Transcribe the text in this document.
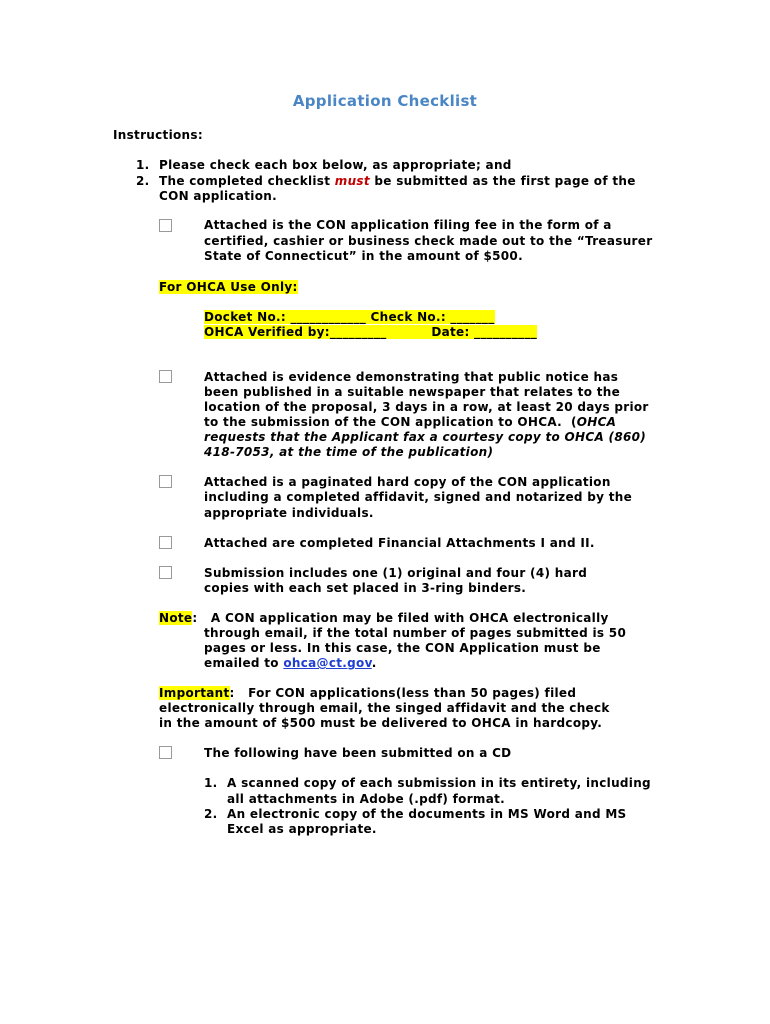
Application Checklist
Instructions:
1. Please check each box below, as appropriate; and
2. The completed checklist must be submitted as the first page of the
CON application.
Attached is the CON application filing fee in the form of a
certified, cashier or business check made out to the “Treasurer
State of Connecticut” in the amount of $500.
For OHCA Use Only:
Docket No.: ____________ Check No.: _______
OHCA Verified by:_________          Date: __________
Attached is evidence demonstrating that public notice has
been published in a suitable newspaper that relates to the
location of the proposal, 3 days in a row, at least 20 days prior
to the submission of the CON application to OHCA.  (OHCA
requests that the Applicant fax a courtesy copy to OHCA (860)
418-7053, at the time of the publication)
Attached is a paginated hard copy of the CON application
including a completed affidavit, signed and notarized by the
appropriate individuals.
Attached are completed Financial Attachments I and II.
Submission includes one (1) original and four (4) hard
copies with each set placed in 3-ring binders.
Note:   A CON application may be filed with OHCA electronically
through email, if the total number of pages submitted is 50
pages or less. In this case, the CON Application must be
emailed to ohca@ct.gov.
Important:   For CON applications(less than 50 pages) filed
electronically through email, the singed affidavit and the check
in the amount of $500 must be delivered to OHCA in hardcopy.
The following have been submitted on a CD
1. A scanned copy of each submission in its entirety, including
all attachments in Adobe (.pdf) format.
2. An electronic copy of the documents in MS Word and MS
Excel as appropriate.
